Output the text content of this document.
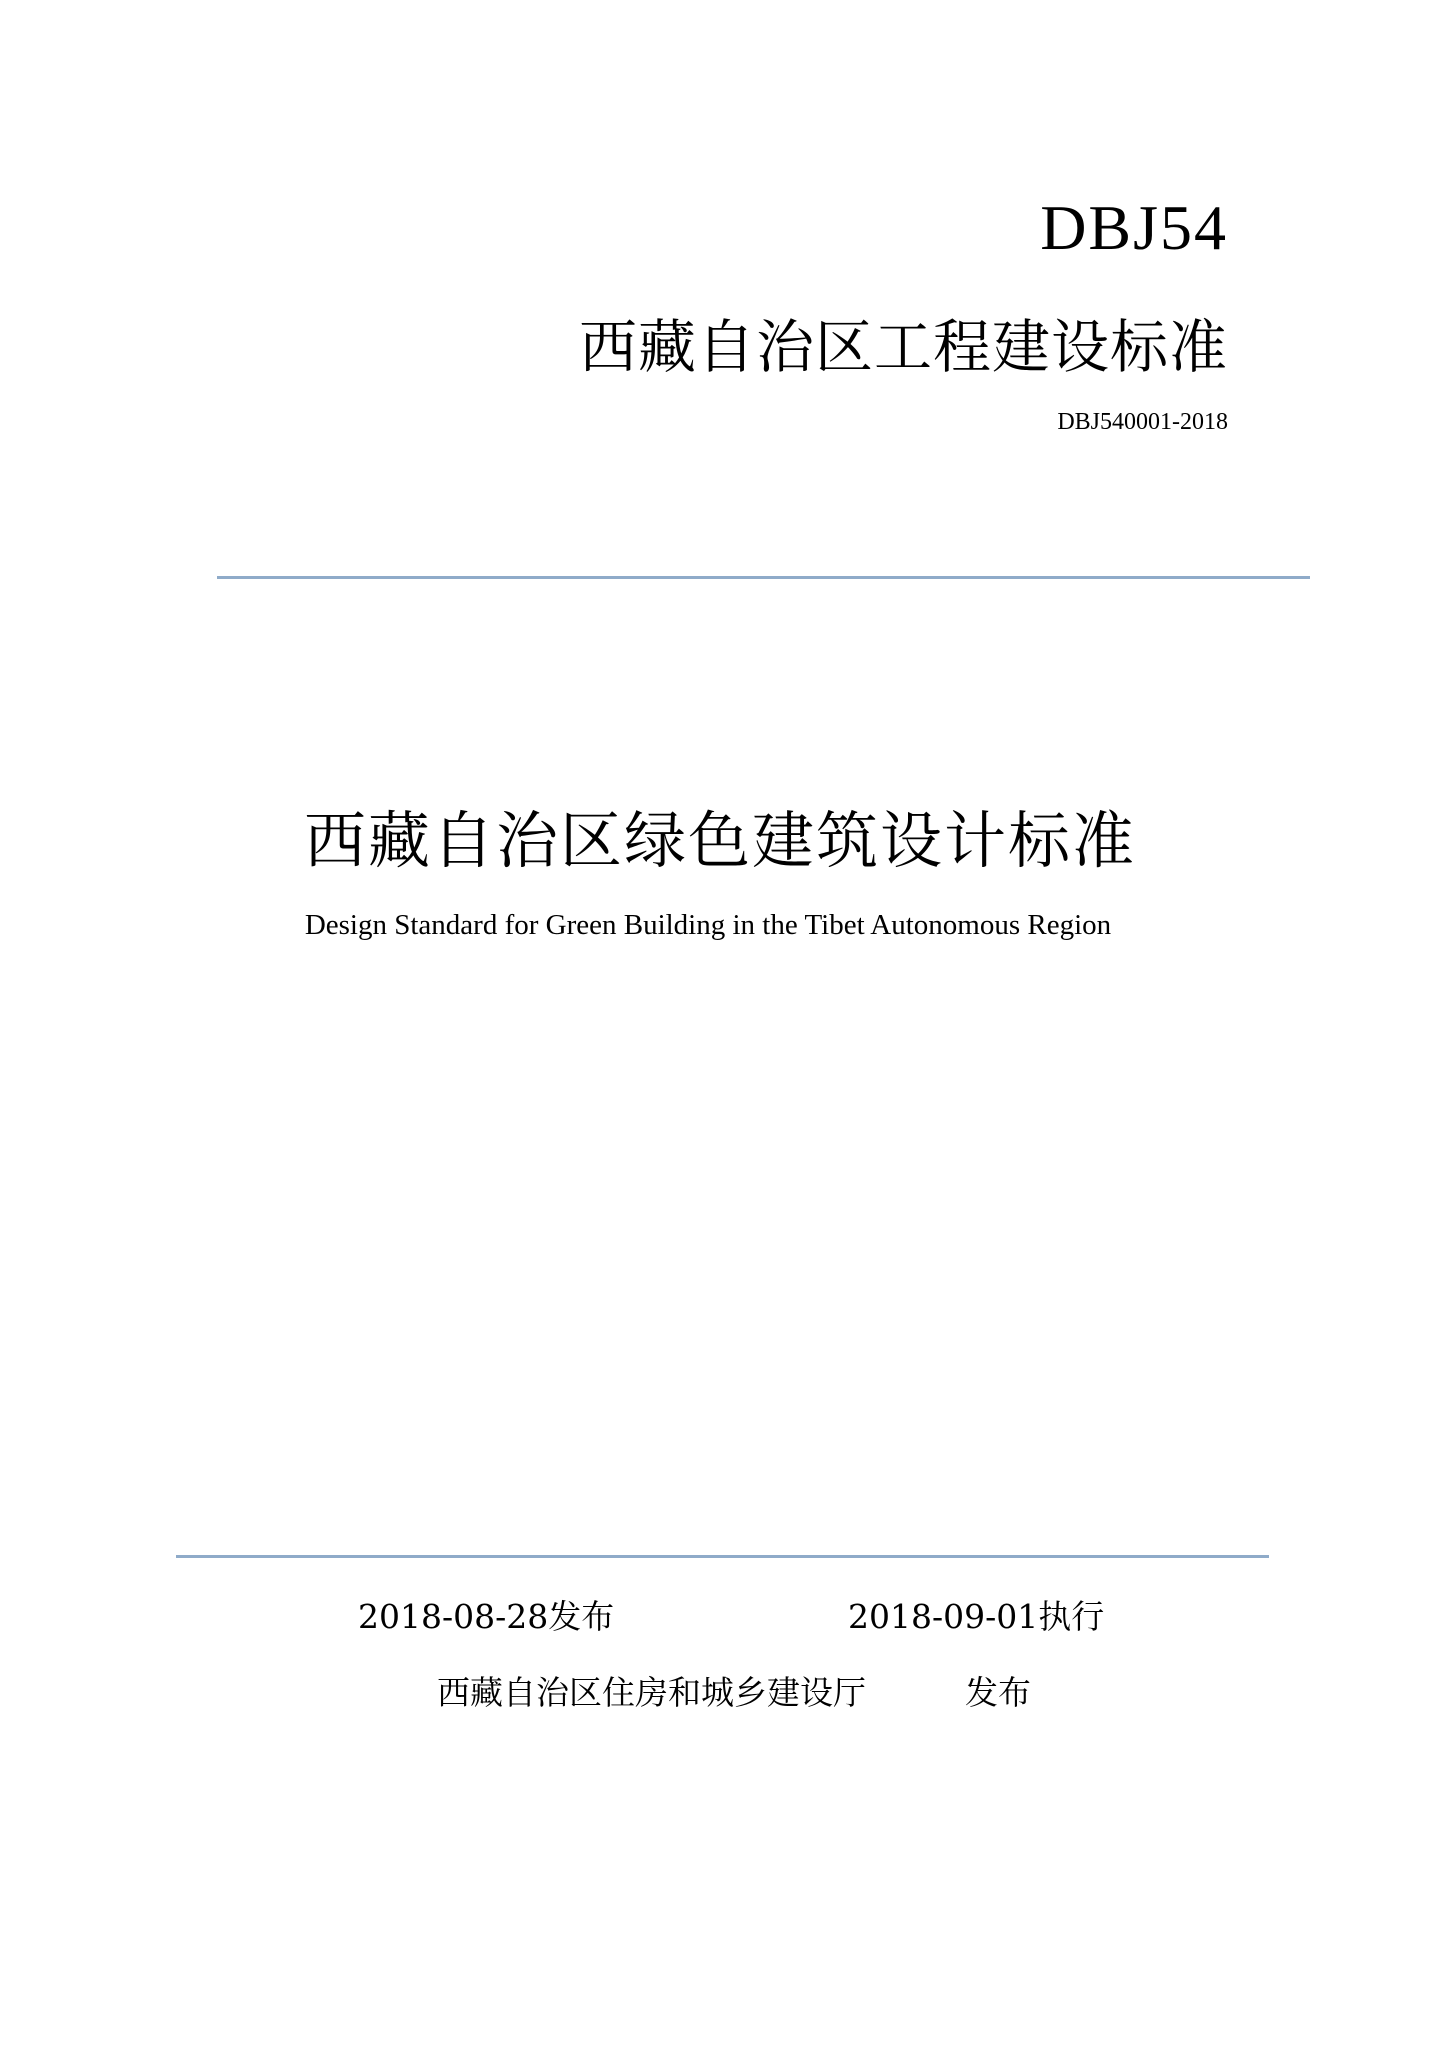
DBJ54
西藏自治区工程建设标准
DBJ540001-2018
西藏自治区绿色建筑设计标准
Design Standard for Green Building in the Tibet Autonomous Region
2018-08-28发布	2018-09-01执行
西藏自治区住房和城乡建设厅	发布
